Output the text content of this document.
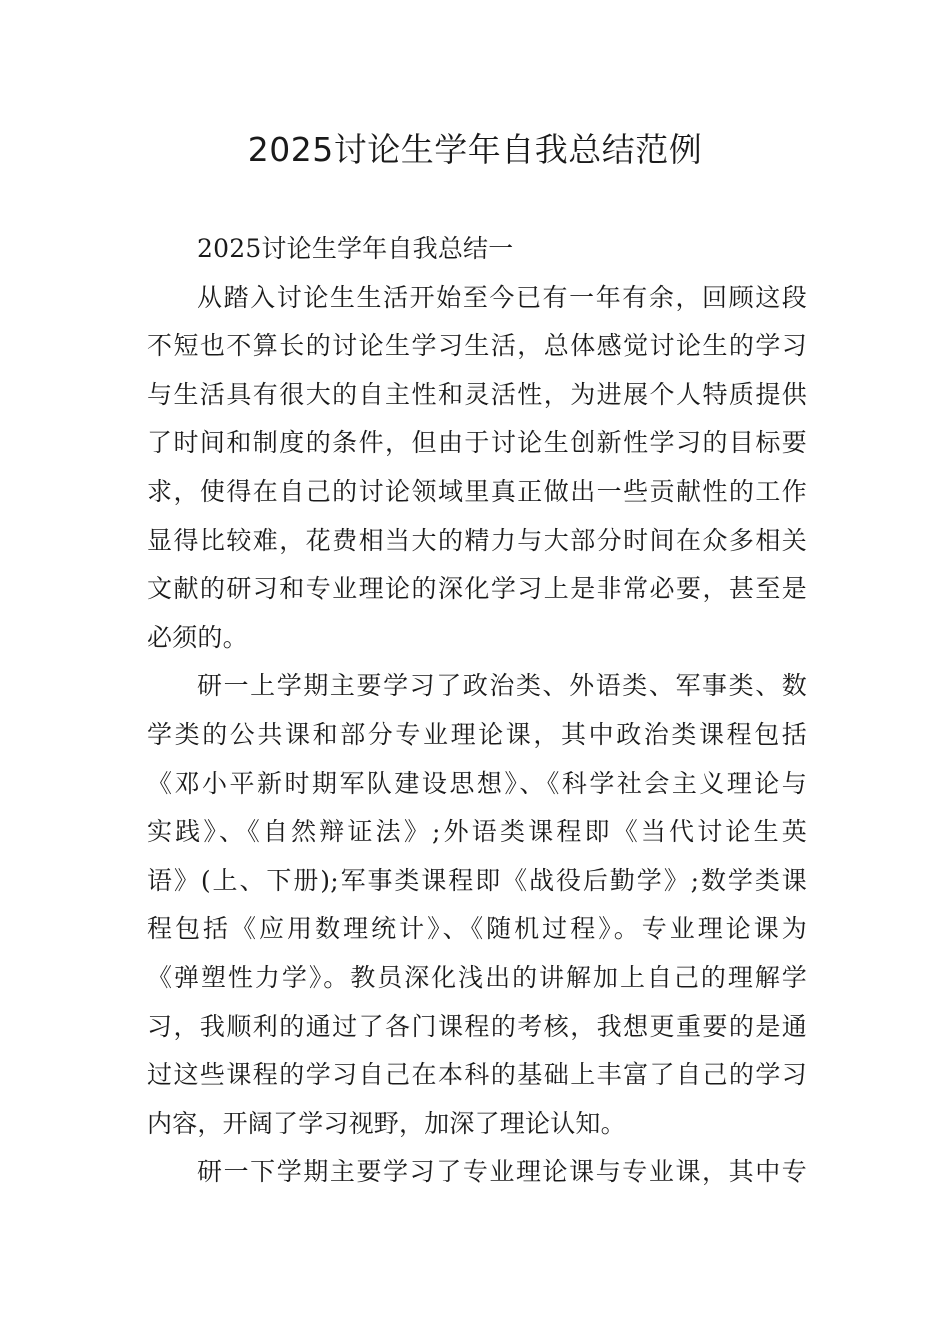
2025讨论生学年自我总结范例
2025讨论生学年自我总结一
从踏入讨论生生活开始至今已有一年有余，回顾这段
不短也不算长的讨论生学习生活，总体感觉讨论生的学习
与生活具有很大的自主性和灵活性，为进展个人特质提供
了时间和制度的条件，但由于讨论生创新性学习的目标要
求，使得在自己的讨论领域里真正做出一些贡献性的工作
显得比较难，花费相当大的精力与大部分时间在众多相关
文献的研习和专业理论的深化学习上是非常必要，甚至是
必须的。
研一上学期主要学习了政治类、外语类、军事类、数
学类的公共课和部分专业理论课，其中政治类课程包括
《邓小平新时期军队建设思想》、《科学社会主义理论与
实践》、《自然辩证法》;外语类课程即《当代讨论生英
语》(上、下册);军事类课程即《战役后勤学》;数学类课
程包括《应用数理统计》、《随机过程》。专业理论课为
《弹塑性力学》。教员深化浅出的讲解加上自己的理解学
习，我顺利的通过了各门课程的考核，我想更重要的是通
过这些课程的学习自己在本科的基础上丰富了自己的学习
内容，开阔了学习视野，加深了理论认知。
研一下学期主要学习了专业理论课与专业课，其中专
